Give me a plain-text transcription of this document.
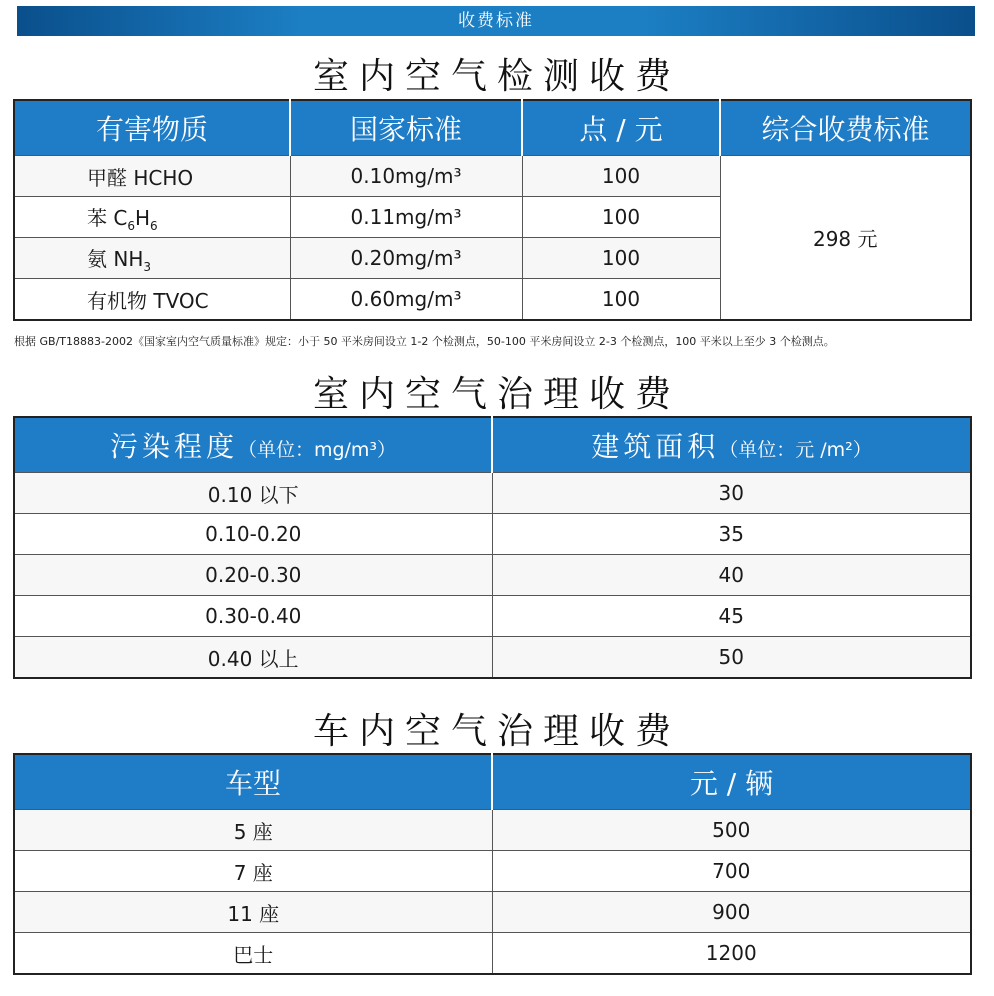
收费标准
室内空气检测收费
有害物质	国家标准	点 / 元	综合收费标准
甲醛 HCHO	0.10mg/m³	100	298 元
苯 $C_6H_6$	0.11mg/m³	100	
氨 $NH_3$	0.20mg/m³	100	
有机物 TVOC	0.60mg/m³	100	
根据 GB/T18883-2002《国家室内空气质量标准》规定：小于 50 平米房间设立 1-2 个检测点，50-100 平米房间设立 2-3 个检测点，100 平米以上至少 3 个检测点。
室内空气治理收费
污染程度（单位：mg/m³）	建筑面积（单位：元 /m²）
0.10 以下	30
0.10-0.20	35
0.20-0.30	40
0.30-0.40	45
0.40 以上	50
车内空气治理收费
车型	元 / 辆
5 座	500
7 座	700
11 座	900
巴士	1200
